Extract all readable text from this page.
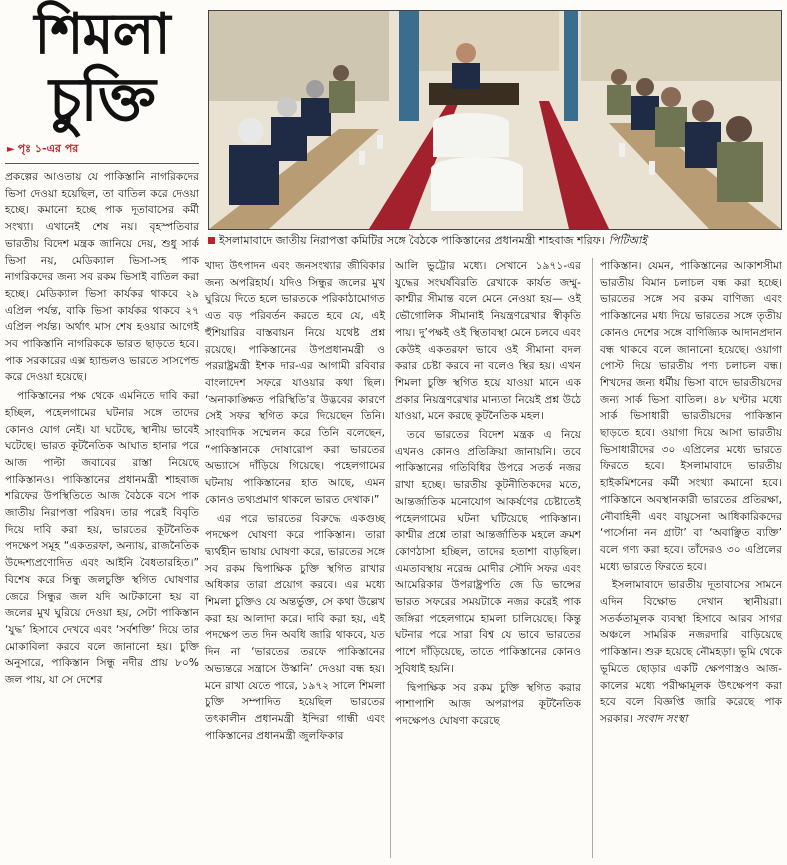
শিমলা
চুক্তি
► পৃঃ ১-এর পর

প্রকল্পের আওতায় যে পাকিস্তানি নাগরিকদের ভিসা দেওয়া হয়েছিল, তা বাতিল করে দেওয়া হচ্ছে। কমানো হচ্ছে পাক দূতাবাসের কর্মী সংখ্যা। এখানেই শেষ নয়। বৃহস্পতিবার ভারতীয় বিদেশ মন্ত্রক জানিয়ে দেয়, শুধু সার্ক ভিসা নয়, মেডিক্যাল ভিসা-সহ পাক নাগরিকদের জন্য সব রকম ভিসাই বাতিল করা হচ্ছে। মেডিক্যাল ভিসা কার্যকর থাকবে ২৯ এপ্রিল পর্যন্ত, বাকি ভিসা কার্যকর থাকবে ২৭ এপ্রিল পর্যন্ত। অর্থাৎ মাস শেষ হওয়ার আগেই সব পাকিস্তানি নাগরিককে ভারত ছাড়তে হবে। পাক সরকারের এক্স হ্যান্ডলও ভারতে সাসপেন্ড করে দেওয়া হয়েছে।

পাকিস্তানের পক্ষ থেকে এমনিতে দাবি করা হচ্ছিল, পহেলগামের ঘটনার সঙ্গে তাদের কোনও যোগ নেই। যা ঘটেছে, স্থানীয় ভাবেই ঘটেছে। ভারত কূটনৈতিক আঘাত হানার পরে আজ পাল্টা জবাবের রাস্তা নিয়েছে পাকিস্তানও। পাকিস্তানের প্রধানমন্ত্রী শাহবাজ শরিফের উপস্থিতিতে আজ বৈঠকে বসে পাক জাতীয় নিরাপত্তা পরিষদ। তার পরেই বিবৃতি দিয়ে দাবি করা হয়, ভারতের কূটনৈতিক পদক্ষেপ সমূহ “একতরফা, অন্যায়, রাজনৈতিক উদ্দেশ্যপ্রণোদিত এবং আইনি বৈধতারহিত।” বিশেষ করে সিন্ধু জলচুক্তি স্থগিত ঘোষণার জেরে সিন্ধুর জল যদি আটকানো হয় বা জলের মুখ ঘুরিয়ে দেওয়া হয়, সেটা পাকিস্তান ‘যুদ্ধ’ হিসাবে দেখবে এবং ‘সর্বশক্তি’ দিয়ে তার মোকাবিলা করবে বলে জানানো হয়। চুক্তি অনুসারে, পাকিস্তান সিন্ধু নদীর প্রায় ৮০% জল পায়, যা সে দেশের

ইসলামাবাদে জাতীয় নিরাপত্তা কমিটির সঙ্গে বৈঠকে পাকিস্তানের প্রধানমন্ত্রী শাহবাজ শরিফ। পিটিআই

খাদ্য উৎপাদন এবং জনসংখ্যার জীবিকার জন্য অপরিহার্য। যদিও সিন্ধুর জলের মুখ ঘুরিয়ে দিতে হলে ভারতকে পরিকাঠামোগত এত বড় পরিবর্তন করতে হবে যে, এই হুঁশিয়ারির বাস্তবায়ন নিয়ে যথেষ্ট প্রশ্ন রয়েছে। পাকিস্তানের উপপ্রধানমন্ত্রী ও পররাষ্ট্রমন্ত্রী ইশক দার-এর আগামী রবিবার বাংলাদেশ সফরে যাওয়ার কথা ছিল। ‘অনাকাঙ্ক্ষিত পরিস্থিতি’র উদ্ভবের কারণে সেই সফর স্থগিত করে দিয়েছেন তিনি। সাংবাদিক সম্মেলন করে তিনি বলেছেন, “পাকিস্তানকে দোষারোপ করা ভারতের অভ্যাসে দাঁড়িয়ে গিয়েছে। পহেলগামের ঘটনায় পাকিস্তানের হাত আছে, এমন কোনও তথ্যপ্রমাণ থাকলে ভারত দেখাক।”

এর পরে ভারতের বিরুদ্ধে একগুচ্ছ পদক্ষেপ ঘোষণা করে পাকিস্তান। তারা দ্ব্যর্থহীন ভাষায় ঘোষণা করে, ভারতের সঙ্গে সব রকম দ্বিপাক্ষিক চুক্তি স্থগিত রাখার অধিকার তারা প্রয়োগ করবে। এর মধ্যে শিমলা চুক্তিও যে অন্তর্ভুক্ত, সে কথা উল্লেখ করা হয় আলাদা করে। দাবি করা হয়, এই পদক্ষেপ তত দিন অবধি জারি থাকবে, যত দিন না ‘ভারতের তরফে পাকিস্তানের অভ্যন্তরে সন্ত্রাসে উস্কানি’ দেওয়া বন্ধ হয়। মনে রাখা যেতে পারে, ১৯৭২ সালে শিমলা চুক্তি সম্পাদিত হয়েছিল ভারতের তৎকালীন প্রধানমন্ত্রী ইন্দিরা গান্ধী এবং পাকিস্তানের প্রধানমন্ত্রী জুলফিকার

আলি ভুট্টোর মধ্যে। সেখানে ১৯৭১-এর যুদ্ধের সংঘর্ষবিরতি রেখাকে কার্যত জম্মু-কাশ্মীর সীমান্ত বলে মেনে নেওয়া হয়— ওই ভৌগোলিক সীমানাই নিয়ন্ত্রণরেখার স্বীকৃতি পায়। দু’পক্ষই ওই স্থিতাবস্থা মেনে চলবে এবং কেউই একতরফা ভাবে ওই সীমানা বদল করার চেষ্টা করবে না বলেও স্থির হয়। এখন শিমলা চুক্তি স্থগিত হয়ে যাওয়া মানে এক প্রকার নিয়ন্ত্রণরেখার মান্যতা নিয়েই প্রশ্ন উঠে যাওয়া, মনে করছে কূটনৈতিক মহল।

তবে ভারতের বিদেশ মন্ত্রক এ নিয়ে এখনও কোনও প্রতিক্রিয়া জানায়নি। তবে পাকিস্তানের গতিবিধির উপরে সতর্ক নজর রাখা হচ্ছে। ভারতীয় কূটনীতিকদের মতে, আন্তর্জাতিক মনোযোগ আকর্ষণের চেষ্টাতেই পহেলগামের ঘটনা ঘটিয়েছে পাকিস্তান। কাশ্মীর প্রশ্নে তারা আন্তর্জাতিক মহলে ক্রমশ কোণঠাসা হচ্ছিল, তাদের হতাশা বাড়ছিল। এমতাবস্থায় নরেন্দ্র মোদীর সৌদি সফর এবং আমেরিকার উপরাষ্ট্রপতি জে ডি ভান্সের ভারত সফরের সময়টাকে নজর করেই পাক জঙ্গিরা পহেলগামে হামলা চালিয়েছে। কিন্তু ঘটনার পরে সারা বিশ্ব যে ভাবে ভারতের পাশে দাঁড়িয়েছে, তাতে পাকিস্তানের কোনও সুবিধাই হয়নি।

দ্বিপাক্ষিক সব রকম চুক্তি স্থগিত করার পাশাপাশি আজ অপরাপর কূটনৈতিক পদক্ষেপও ঘোষণা করেছে

পাকিস্তান। যেমন, পাকিস্তানের আকাশসীমা ভারতীয় বিমান চলাচল বন্ধ করা হচ্ছে। ভারতের সঙ্গে সব রকম বাণিজ্য এবং পাকিস্তানের মধ্য দিয়ে ভারতের সঙ্গে তৃতীয় কোনও দেশের সঙ্গে বাণিজ্যিক আদানপ্রদান বন্ধ থাকবে বলে জানানো হয়েছে। ওয়াগা পোস্ট দিয়ে ভারতীয় পণ্য চলাচল বন্ধ। শিখদের জন্য ধর্মীয় ভিসা বাদে ভারতীয়দের জন্য সার্ক ভিসা বাতিল। ৪৮ ঘণ্টার মধ্যে সার্ক ভিসাধারী ভারতীয়দের পাকিস্তান ছাড়তে হবে। ওয়াগা দিয়ে আসা ভারতীয় ভিসাধারীদের ৩০ এপ্রিলের মধ্যে ভারতে ফিরতে হবে। ইসলামাবাদে ভারতীয় হাইকমিশনের কর্মী সংখ্যা কমানো হবে। পাকিস্তানে অবস্থানকারী ভারতের প্রতিরক্ষা, নৌবাহিনী এবং বায়ুসেনা আধিকারিকদের ‘পার্সোনা নন গ্রাটা’ বা ‘অবাঞ্ছিত ব্যক্তি’ বলে গণ্য করা হবে। তাঁদেরও ৩০ এপ্রিলের মধ্যে ভারতে ফিরতে হবে।

ইসলামাবাদে ভারতীয় দূতাবাসের সামনে এদিন বিক্ষোভ দেখান স্থানীয়রা। সতর্কতামূলক ব্যবস্থা হিসাবে আরব সাগর অঞ্চলে সামরিক নজরদারি বাড়িয়েছে পাকিস্তান। শুরু হয়েছে নৌমহড়া। ভূমি থেকে ভূমিতে ছোড়ার একটি ক্ষেপণাস্ত্রও আজ-কালের মধ্যে পরীক্ষামূলক উৎক্ষেপণ করা হবে বলে বিজ্ঞপ্তি জারি করেছে পাক সরকার। সংবাদ সংস্থা
